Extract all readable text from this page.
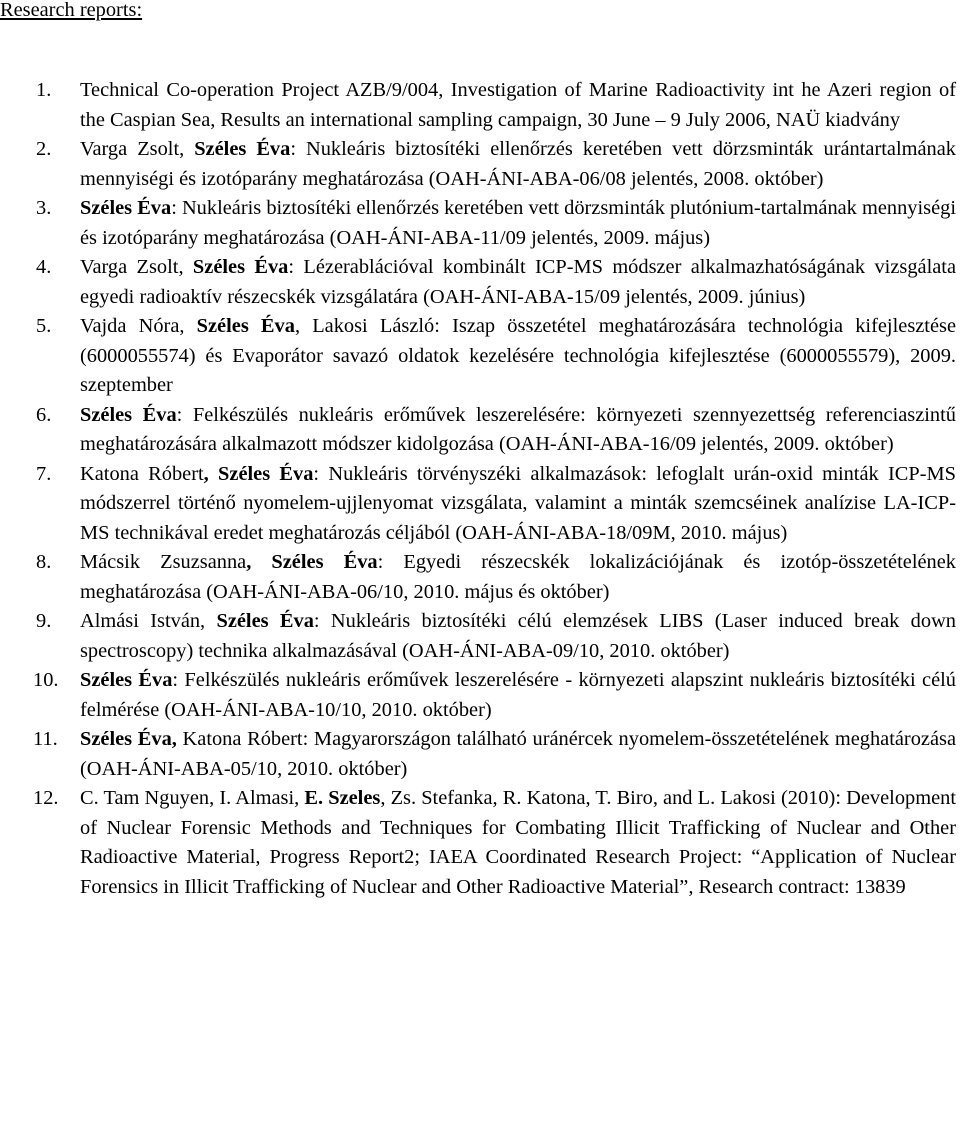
Research reports:
1. Technical Co-operation Project AZB/9/004, Investigation of Marine Radioactivity int he Azeri region of the Caspian Sea, Results an international sampling campaign, 30 June – 9 July 2006, NAÜ kiadvány
2. Varga Zsolt, Széles Éva: Nukleáris biztosítéki ellenőrzés keretében vett dörzsminták urántartalmának mennyiségi és izotóparány meghatározása (OAH-ÁNI-ABA-06/08 jelentés, 2008. október)
3. Széles Éva: Nukleáris biztosítéki ellenőrzés keretében vett dörzsminták plutónium-tartalmának mennyiségi és izotóparány meghatározása (OAH-ÁNI-ABA-11/09 jelentés, 2009. május)
4. Varga Zsolt, Széles Éva: Lézerablációval kombinált ICP-MS módszer alkalmazhatóságának vizsgálata egyedi radioaktív részecskék vizsgálatára (OAH-ÁNI-ABA-15/09 jelentés, 2009. június)
5. Vajda Nóra, Széles Éva, Lakosi László: Iszap összetétel meghatározására technológia kifejlesztése (6000055574) és Evaporátor savazó oldatok kezelésére technológia kifejlesztése (6000055579), 2009. szeptember
6. Széles Éva: Felkészülés nukleáris erőművek leszerelésére: környezeti szennyezettség referenciaszintű meghatározására alkalmazott módszer kidolgozása (OAH-ÁNI-ABA-16/09 jelentés, 2009. október)
7. Katona Róbert, Széles Éva: Nukleáris törvényszéki alkalmazások: lefoglalt urán-oxid minták ICP-MS módszerrel történő nyomelem-ujjlenyomat vizsgálata, valamint a minták szemcséinek analízise LA-ICP-MS technikával eredet meghatározás céljából (OAH-ÁNI-ABA-18/09M, 2010. május)
8. Mácsik Zsuzsanna, Széles Éva: Egyedi részecskék lokalizációjának és izotóp-összetételének meghatározása (OAH-ÁNI-ABA-06/10, 2010. május és október)
9. Almási István, Széles Éva: Nukleáris biztosítéki célú elemzések LIBS (Laser induced break down spectroscopy) technika alkalmazásával (OAH-ÁNI-ABA-09/10, 2010. október)
10. Széles Éva: Felkészülés nukleáris erőművek leszerelésére - környezeti alapszint nukleáris biztosítéki célú felmérése (OAH-ÁNI-ABA-10/10, 2010. október)
11. Széles Éva, Katona Róbert: Magyarországon található uránércek nyomelem-összetételének meghatározása (OAH-ÁNI-ABA-05/10, 2010. október)
12. C. Tam Nguyen, I. Almasi, E. Szeles, Zs. Stefanka, R. Katona, T. Biro, and L. Lakosi (2010): Development of Nuclear Forensic Methods and Techniques for Combating Illicit Trafficking of Nuclear and Other Radioactive Material, Progress Report2; IAEA Coordinated Research Project: “Application of Nuclear Forensics in Illicit Trafficking of Nuclear and Other Radioactive Material”, Research contract: 13839
